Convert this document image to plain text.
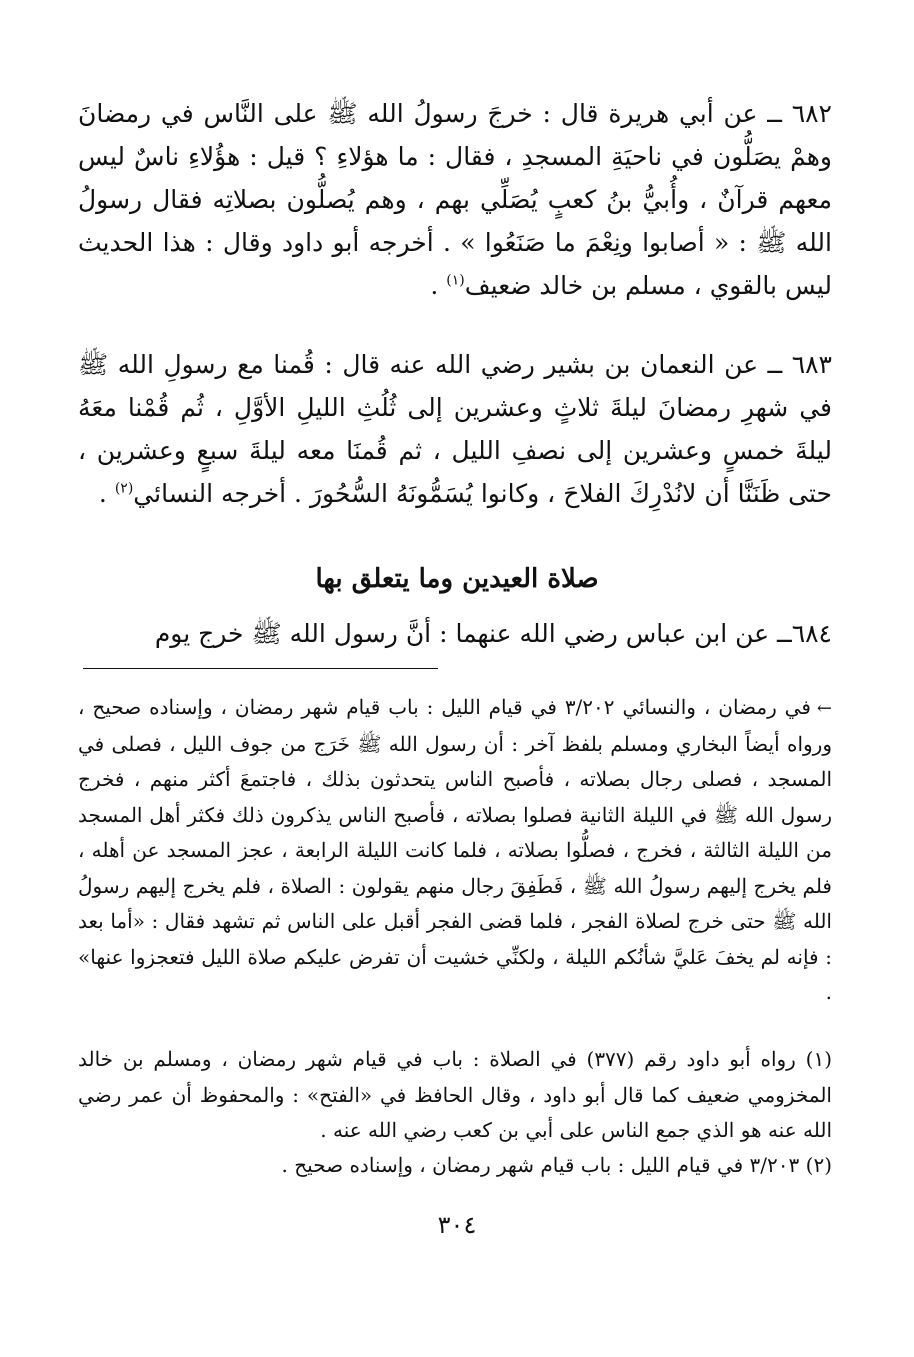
٦٨٢ ــ عن أبي هريرة قال : خرجَ رسولُ الله ﷺ على النَّاس في رمضانَ وهمْ يصَلُّون في ناحيَةِ المسجدِ ، فقال : ما هؤلاءِ ؟ قيل : هؤُلاءِ ناسٌ ليس معهم قرآنٌ ، وأُبيُّ بنُ كعبٍ يُصَلِّي بهم ، وهم يُصلُّون بصلاتِه فقال رسولُ الله ﷺ : « أصابوا ونِعْمَ ما صَنَعُوا » . أخرجه أبو داود وقال : هذا الحديث ليس بالقوي ، مسلم بن خالد ضعيف$^{(١)}$ .

٦٨٣ ــ عن النعمان بن بشير رضي الله عنه قال : قُمنا مع رسولِ الله ﷺ في شهرِ رمضانَ ليلةَ ثلاثٍ وعشرين إلى ثُلُثِ الليلِ الأوَّلِ ، ثُم قُمْنا معَهُ ليلةَ خمسٍ وعشرين إلى نصفِ الليل ، ثم قُمنَا معه ليلةَ سبعٍ وعشرين ، حتى ظَنَنَّا أن لانُدْرِكَ الفلاحَ ، وكانوا يُسَمُّونَهُ السُّحُورَ . أخرجه النسائي$^{(٢)}$ .

صلاة العيدين وما يتعلق بها

٦٨٤ــ عن ابن عباس رضي الله عنهما : أنَّ رسول الله ﷺ خرج يوم

←في رمضان ، والنسائي ٣/٢٠٢ في قيام الليل : باب قيام شهر رمضان ، وإسناده صحيح ، ورواه أيضاً البخاري ومسلم بلفظ آخر : أن رسول الله ﷺ خَرَج من جوف الليل ، فصلى في المسجد ، فصلى رجال بصلاته ، فأصبح الناس يتحدثون بذلك ، فاجتمعَ أكثر منهم ، فخرج رسول الله ﷺ في الليلة الثانية فصلوا بصلاته ، فأصبح الناس يذكرون ذلك فكثر أهل المسجد من الليلة الثالثة ، فخرج ، فصلُّوا بصلاته ، فلما كانت الليلة الرابعة ، عجز المسجد عن أهله ، فلم يخرج إليهم رسولُ الله ﷺ ، فَطَفِقَ رجال منهم يقولون : الصلاة ، فلم يخرج إليهم رسولُ الله ﷺ حتى خرج لصلاة الفجر ، فلما قضى الفجر أقبل على الناس ثم تشهد فقال : «أما بعد : فإنه لم يخفَ عَليَّ شأنُكم الليلة ، ولكنِّي خشيت أن تفرض عليكم صلاة الليل فتعجزوا عنها» .

(١) رواه أبو داود رقم (٣٧٧) في الصلاة : باب في قيام شهر رمضان ، ومسلم بن خالد المخزومي ضعيف كما قال أبو داود ، وقال الحافظ في «الفتح» : والمحفوظ أن عمر رضي الله عنه هو الذي جمع الناس على أبي بن كعب رضي الله عنه .

(٢) ٣/٢٠٣ في قيام الليل : باب قيام شهر رمضان ، وإسناده صحيح .

٣٠٤
